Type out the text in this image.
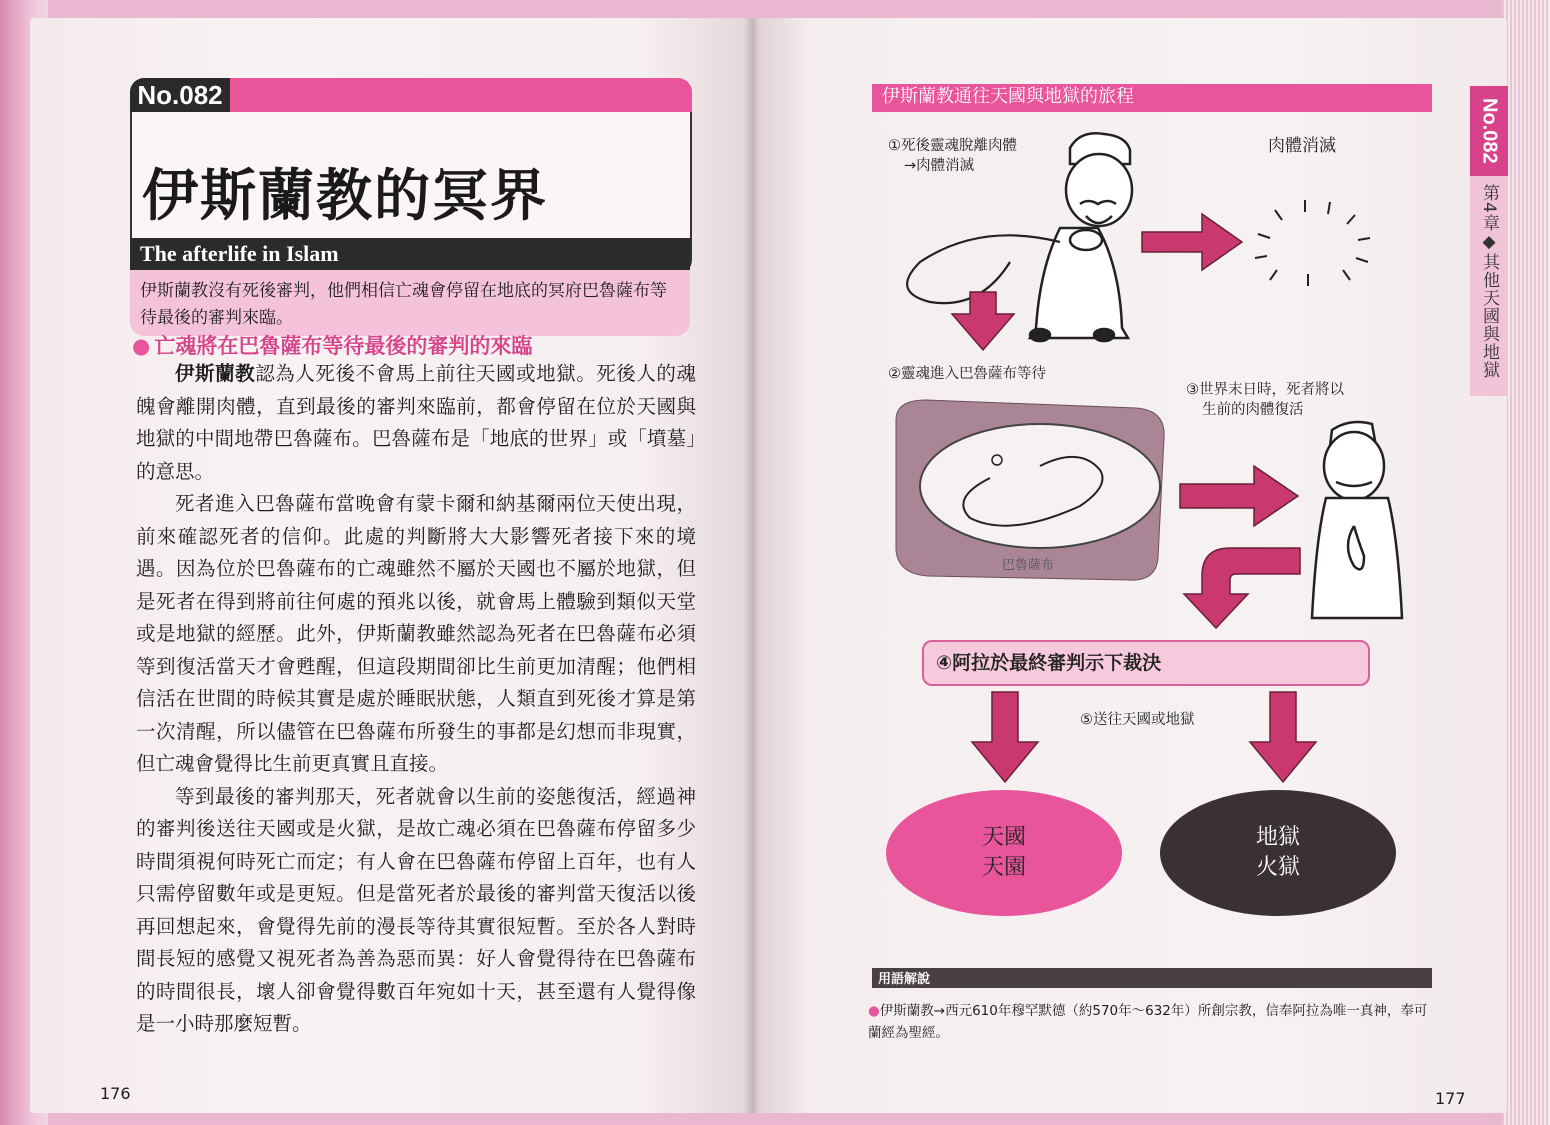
No.082
伊斯蘭教的冥界
The afterlife in Islam
伊斯蘭教沒有死後審判，他們相信亡魂會停留在地底的冥府巴魯薩布等待最後的審判來臨。
● 亡魂將在巴魯薩布等待最後的審判的來臨

伊斯蘭教認為人死後不會馬上前往天國或地獄。死後人的魂魄會離開肉體，直到最後的審判來臨前，都會停留在位於天國與地獄的中間地帶巴魯薩布。巴魯薩布是「地底的世界」或「墳墓」的意思。

死者進入巴魯薩布當晚會有蒙卡爾和納基爾兩位天使出現，前來確認死者的信仰。此處的判斷將大大影響死者接下來的境遇。因為位於巴魯薩布的亡魂雖然不屬於天國也不屬於地獄，但是死者在得到將前往何處的預兆以後，就會馬上體驗到類似天堂或是地獄的經歷。此外，伊斯蘭教雖然認為死者在巴魯薩布必須等到復活當天才會甦醒，但這段期間卻比生前更加清醒；他們相信活在世間的時候其實是處於睡眠狀態，人類直到死後才算是第一次清醒，所以儘管在巴魯薩布所發生的事都是幻想而非現實，但亡魂會覺得比生前更真實且直接。

等到最後的審判那天，死者就會以生前的姿態復活，經過神的審判後送往天國或是火獄，是故亡魂必須在巴魯薩布停留多少時間須視何時死亡而定；有人會在巴魯薩布停留上百年，也有人只需停留數年或是更短。但是當死者於最後的審判當天復活以後再回想起來，會覺得先前的漫長等待其實很短暫。至於各人對時間長短的感覺又視死者為善為惡而異：好人會覺得待在巴魯薩布的時間很長，壞人卻會覺得數百年宛如十天，甚至還有人覺得像是一小時那麼短暫。

176
伊斯蘭教通往天國與地獄的旅程
①死後靈魂脫離肉體
→肉體消滅
肉體消滅
②靈魂進入巴魯薩布等待
巴魯薩布
③世界末日時，死者將以
生前的肉體復活
④阿拉於最終審判示下裁決
⑤送往天國或地獄
天國
天園
地獄
火獄
用語解說
●伊斯蘭教→西元610年穆罕默德（約570年～632年）所創宗教，信奉阿拉為唯一真神，奉可蘭經為聖經。
No.082
第4章◆其他天國與地獄
177
